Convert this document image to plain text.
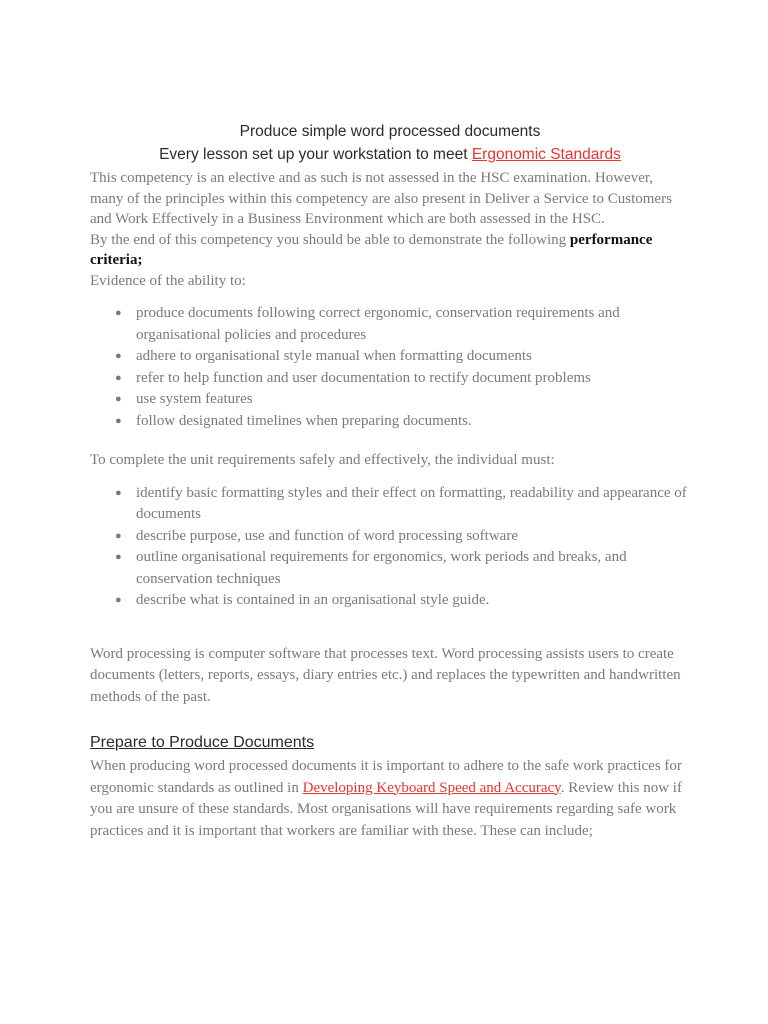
Produce simple word processed documents

Every lesson set up your workstation to meet Ergonomic Standards

This competency is an elective and as such is not assessed in the HSC examination. However, many of the principles within this competency are also present in Deliver a Service to Customers and Work Effectively in a Business Environment which are both assessed in the HSC.

By the end of this competency you should be able to demonstrate the following performance criteria;

Evidence of the ability to:

● produce documents following correct ergonomic, conservation requirements and organisational policies and procedures
● adhere to organisational style manual when formatting documents
● refer to help function and user documentation to rectify document problems
● use system features
● follow designated timelines when preparing documents.

To complete the unit requirements safely and effectively, the individual must:

● identify basic formatting styles and their effect on formatting, readability and appearance of documents
● describe purpose, use and function of word processing software
● outline organisational requirements for ergonomics, work periods and breaks, and conservation techniques
● describe what is contained in an organisational style guide.

Word processing is computer software that processes text. Word processing assists users to create documents (letters, reports, essays, diary entries etc.) and replaces the typewritten and handwritten methods of the past.

Prepare to Produce Documents

When producing word processed documents it is important to adhere to the safe work practices for ergonomic standards as outlined in Developing Keyboard Speed and Accuracy. Review this now if you are unsure of these standards. Most organisations will have requirements regarding safe work practices and it is important that workers are familiar with these. These can include;
